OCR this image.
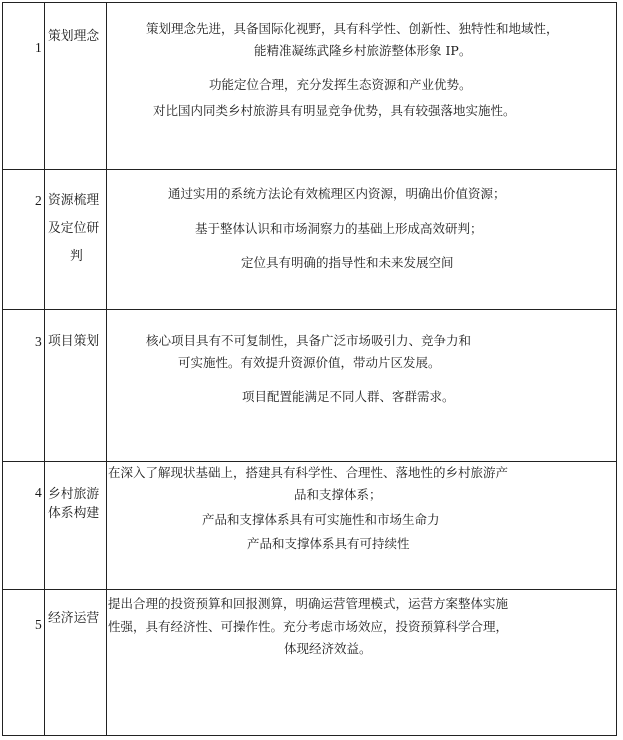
1
策划理念
策划理念先进，具备国际化视野，具有科学性、创新性、独特性和地域性，
能精准凝练武隆乡村旅游整体形象 IP。
功能定位合理，充分发挥生态资源和产业优势。
对比国内同类乡村旅游具有明显竞争优势，具有较强落地实施性。
2 资源梳理
及定位研
判
通过实用的系统方法论有效梳理区内资源，明确出价值资源；
基于整体认识和市场洞察力的基础上形成高效研判；
定位具有明确的指导性和未来发展空间
3 项目策划	核心项目具有不可复制性，具备广泛市场吸引力、竞争力和
可实施性。有效提升资源价值，带动片区发展。
项目配置能满足不同人群、客群需求。
4 乡村旅游
体系构建
在深入了解现状基础上，搭建具有科学性、合理性、落地性的乡村旅游产
品和支撑体系；
产品和支撑体系具有可实施性和市场生命力
产品和支撑体系具有可持续性
5 经济运营
提出合理的投资预算和回报测算，明确运营管理模式，运营方案整体实施
性强，具有经济性、可操作性。充分考虑市场效应，投资预算科学合理，
体现经济效益。
